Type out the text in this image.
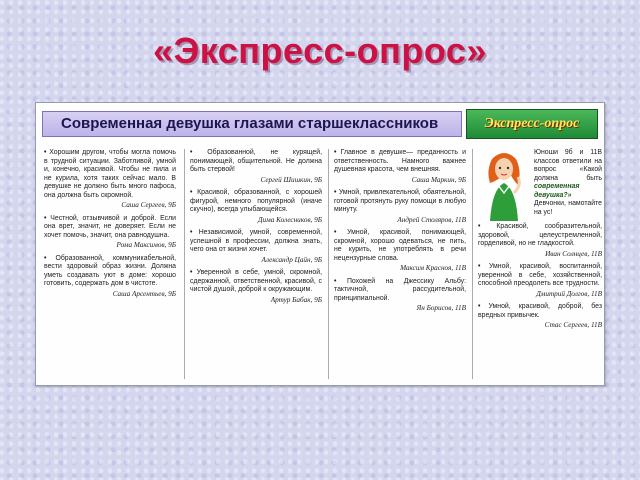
«Экспресс-опрос»
Современная девушка глазами старшеклассников	Экспресс-опрос
• Хорошим другом, чтобы могла помочь в трудной ситуации. Заботливой, умной и, конечно, красивой. Чтобы не пила и не курила, хотя таких сейчас мало. В девушке не должно быть много пафоса, она должна быть скромной.
Саша Сергеев, 9Б
• Честной, отзывчивой и доброй. Если она врет, значит, не доверяет. Если не хочет помочь, значит, она равнодушна.
Рома Максимов, 9Б
• Образованной, коммуникабельной, вести здоровый образ жизни. Должна уметь создавать уют в доме: хорошо готовить, содержать дом в чистоте.
Саша Арсентьев, 9Б
• Образованной, не курящей, понимающей, общительной. Не должна быть стервой!
Сергей Шишкин, 9Б
• Красивой, образованной, с хорошей фигурой, немного популярной (иначе скучно), всегда улыбающейся.
Дима Колесников, 9Б
• Независимой, умной, современной, успешной в профессии, должна знать, чего она от жизни хочет.
Александр Цайн, 9Б
• Уверенной в себе, умной, скромной, сдержанной, ответственной, красивой, с чистой душой, доброй к окружающим.
Артур Бабак, 9Б
• Главное в девушке— преданность и ответственность. Намного важнее душевная красота, чем внешняя.
Саша Маркин, 9Б
• Умной, привлекательной, обаятельной, готовой протянуть руку помощи в любую минуту.
Андрей Столяров, 11В
• Умной, красивой, понимающей, скромной, хорошо одеваться, не пить, не курить, не употреблять в речи нецензурные слова.
Максим Красноя, 11В
• Похожей на Джессику Альбу: тактичной, рассудительной, принципиальной.
Ян Борисов, 11В
Юноши 9б и 11В классов ответили на вопрос «Какой должна быть современная девушка?» Девчонки, намотайте на ус!
• Красивой, сообразительной, здоровой, целеустремленной, горделивой, но не гладкостой.
Иван Солнцев, 11В
• Умной, красивой, воспитанной, уверенной в себе, хозяйственной, способной преодолеть все трудности.
Дмитрий Долгов, 11В
• Умной, красивой, доброй, без вредных привычек.
Стас Сергеев, 11В
